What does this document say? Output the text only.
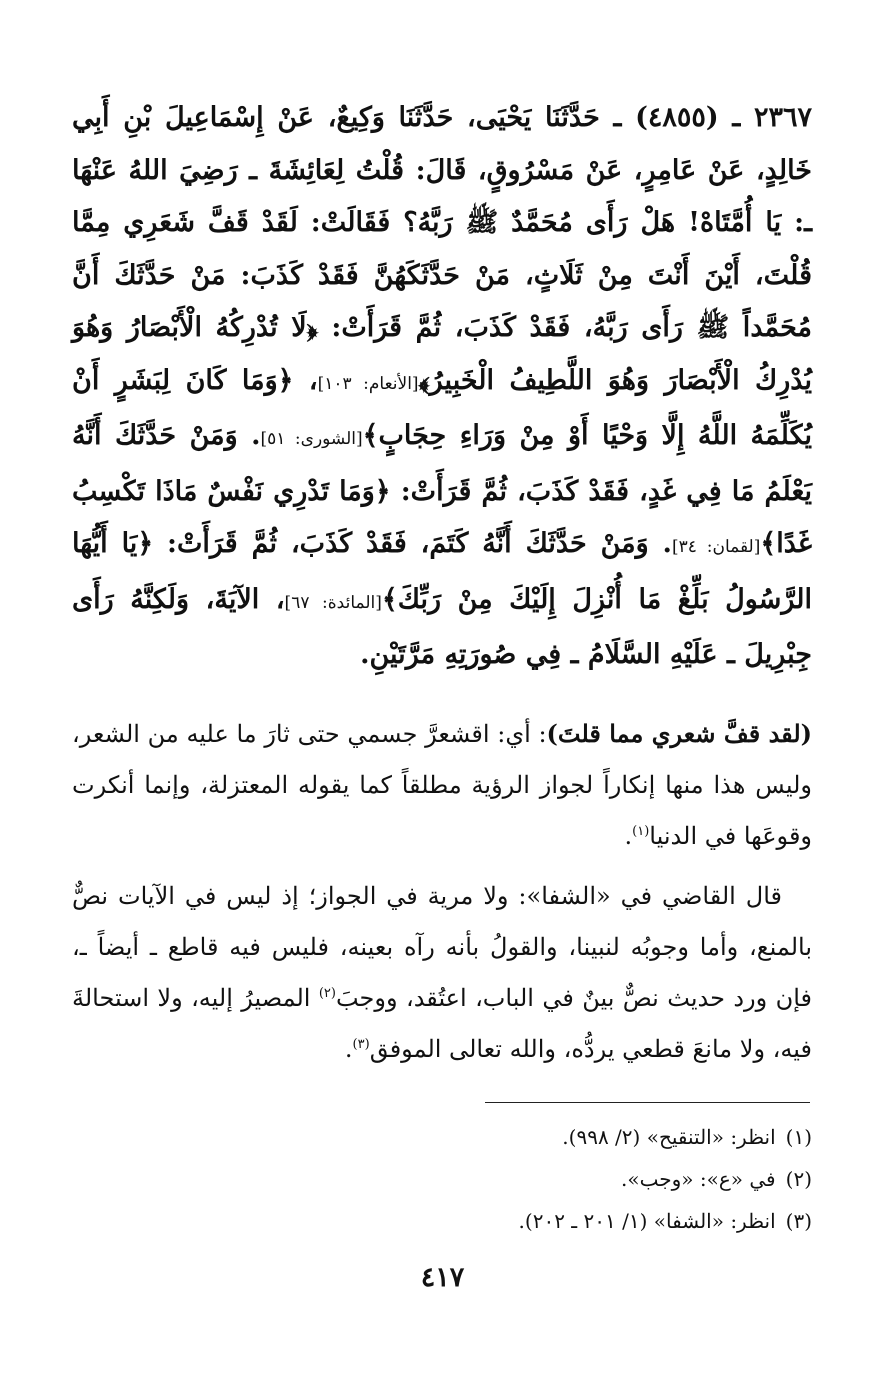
٢٣٦٧ ـ (٤٨٥٥) ـ حَدَّثَنَا يَحْيَى، حَدَّثَنَا وَكِيعٌ، عَنْ إِسْمَاعِيلَ بْنِ أَبِي خَالِدٍ، عَنْ عَامِرٍ، عَنْ مَسْرُوقٍ، قَالَ: قُلْتُ لِعَائِشَةَ ـ رَضِيَ اللهُ عَنْهَا ـ: يَا أُمَّتَاهْ! هَلْ رَأَى مُحَمَّدٌ ﷺ رَبَّهُ؟ فَقَالَتْ: لَقَدْ قَفَّ شَعَرِي مِمَّا قُلْتَ، أَيْنَ أَنْتَ مِنْ ثَلَاثٍ، مَنْ حَدَّثَكَهُنَّ فَقَدْ كَذَبَ: مَنْ حَدَّثَكَ أَنَّ مُحَمَّداً ﷺ رَأَى رَبَّهُ، فَقَدْ كَذَبَ، ثُمَّ قَرَأَتْ: ﴿لَا تُدْرِكُهُ الْأَبْصَارُ وَهُوَ يُدْرِكُ الْأَبْصَارَ وَهُوَ اللَّطِيفُ الْخَبِيرُ﴾[الأنعام: ١٠٣]، ﴿وَمَا كَانَ لِبَشَرٍ أَنْ يُكَلِّمَهُ اللَّهُ إِلَّا وَحْيًا أَوْ مِنْ وَرَاءِ حِجَابٍ﴾[الشورى: ٥١]. وَمَنْ حَدَّثَكَ أَنَّهُ يَعْلَمُ مَا فِي غَدٍ، فَقَدْ كَذَبَ، ثُمَّ قَرَأَتْ: ﴿وَمَا تَدْرِي نَفْسٌ مَاذَا تَكْسِبُ غَدًا﴾[لقمان: ٣٤]. وَمَنْ حَدَّثَكَ أَنَّهُ كَتَمَ، فَقَدْ كَذَبَ، ثُمَّ قَرَأَتْ: ﴿يَا أَيُّهَا الرَّسُولُ بَلِّغْ مَا أُنْزِلَ إِلَيْكَ مِنْ رَبِّكَ﴾[المائدة: ٦٧]، الآيَةَ، وَلَكِنَّهُ رَأَى جِبْرِيلَ ـ عَلَيْهِ السَّلَامُ ـ فِي صُورَتِهِ مَرَّتَيْنِ.
(لقد قفَّ شعري مما قلتَ): أي: اقشعرَّ جسمي حتى ثارَ ما عليه من الشعر، وليس هذا منها إنكاراً لجواز الرؤية مطلقاً كما يقوله المعتزلة، وإنما أنكرت وقوعَها في الدنيا$^{(١)}$.
قال القاضي في «الشفا»: ولا مرية في الجواز؛ إذ ليس في الآيات نصٌّ بالمنع، وأما وجوبُه لنبينا، والقولُ بأنه رآه بعينه، فليس فيه قاطع ـ أيضاً ـ، فإن ورد حديث نصٌّ بينٌ في الباب، اعتُقد، ووجبَ$^{(٢)}$ المصيرُ إليه، ولا استحالةَ فيه، ولا مانعَ قطعي يردُّه، والله تعالى الموفق$^{(٣)}$.
(١)انظر: «التنقيح» (٢/ ٩٩٨).
(٢)في «ع»: «وجب».
(٣)انظر: «الشفا» (١/ ٢٠١ ـ ٢٠٢).
٤١٧
